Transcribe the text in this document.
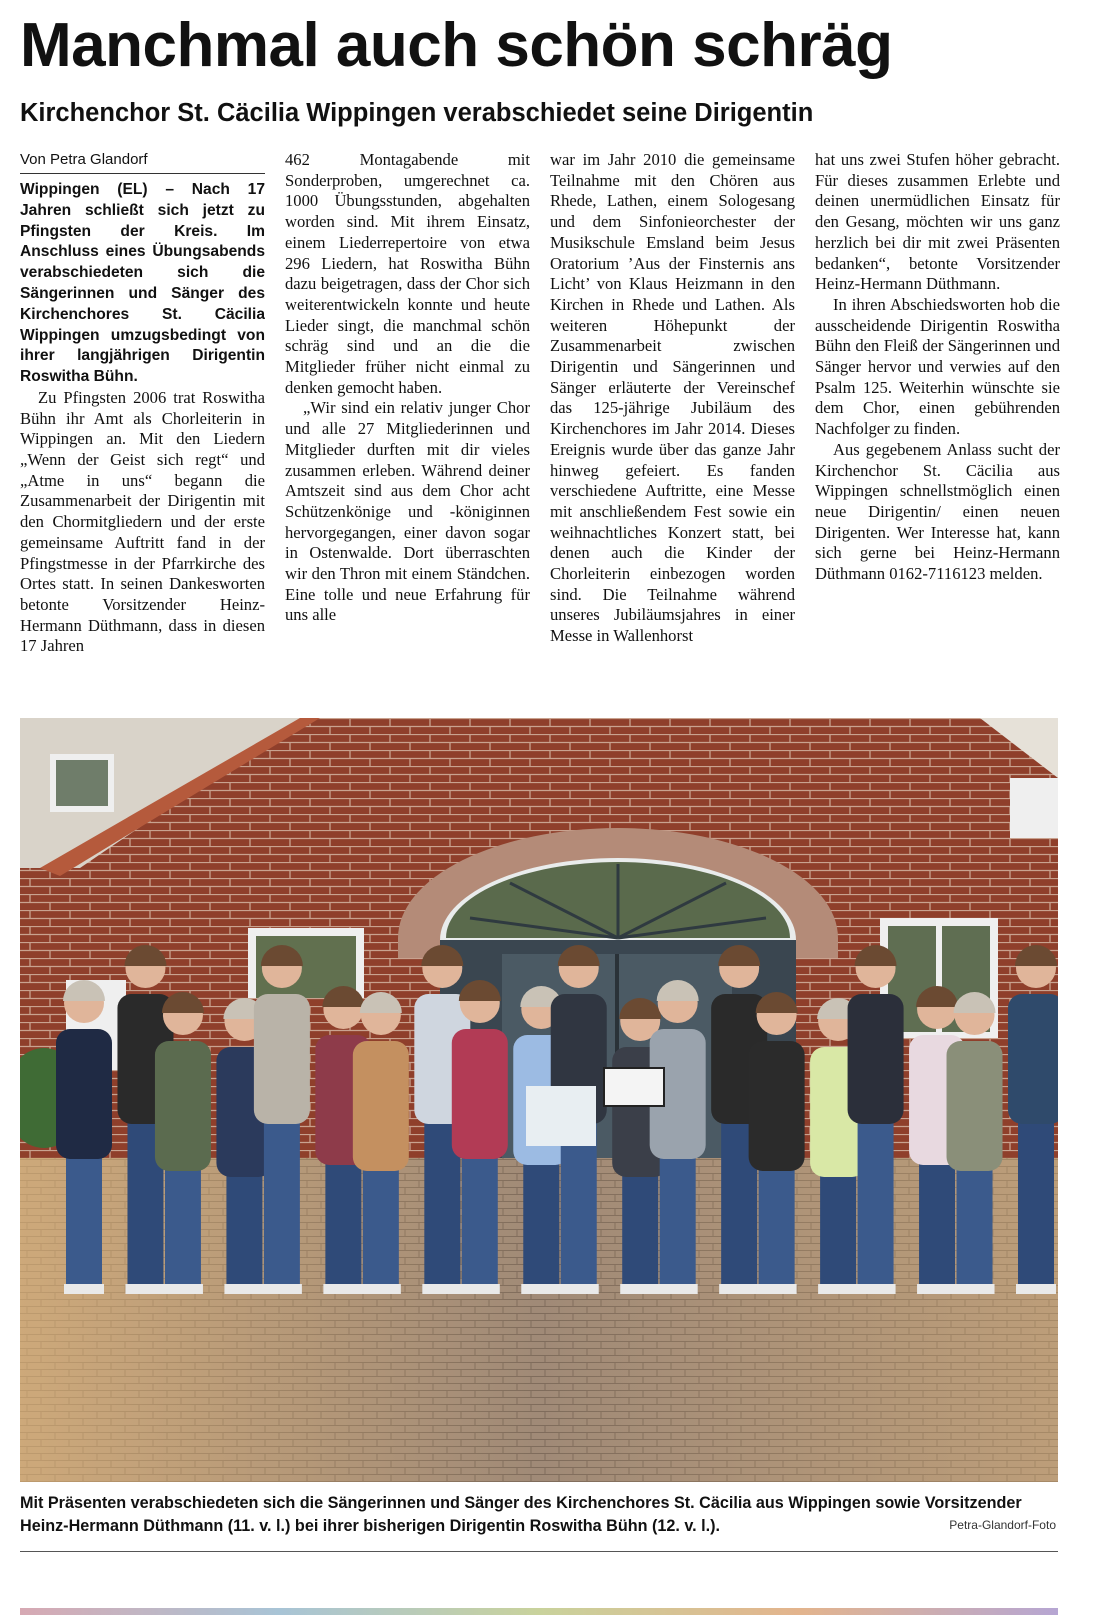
Manchmal auch schön schräg
Kirchenchor St. Cäcilia Wippingen verabschiedet seine Dirigentin
Von Petra Glandorf

Wippingen (EL) – Nach 17 Jahren schließt sich jetzt zu Pfingsten der Kreis. Im Anschluss eines Übungsabends verabschiedeten sich die Sängerinnen und Sänger des Kirchenchores St. Cäcilia Wippingen umzugsbedingt von ihrer langjährigen Dirigentin Roswitha Bühn.

Zu Pfingsten 2006 trat Roswitha Bühn ihr Amt als Chorleiterin in Wippingen an. Mit den Liedern „Wenn der Geist sich regt“ und „Atme in uns“ begann die Zusammenarbeit der Dirigentin mit den Chormitgliedern und der erste gemeinsame Auftritt fand in der Pfingstmesse in der Pfarrkirche des Ortes statt. In seinen Dankesworten betonte Vorsitzender Heinz-Hermann Düthmann, dass in diesen 17 Jahren

462 Montagabende mit Sonderproben, umgerechnet ca. 1000 Übungsstunden, abgehalten worden sind. Mit ihrem Einsatz, einem Liederrepertoire von etwa 296 Liedern, hat Roswitha Bühn dazu beigetragen, dass der Chor sich weiterentwickeln konnte und heute Lieder singt, die manchmal schön schräg sind und an die die Mitglieder früher nicht einmal zu denken gemocht haben.

„Wir sind ein relativ junger Chor und alle 27 Mitgliederinnen und Mitglieder durften mit dir vieles zusammen erleben. Während deiner Amtszeit sind aus dem Chor acht Schützenkönige und -königinnen hervorgegangen, einer davon sogar in Ostenwalde. Dort überraschten wir den Thron mit einem Ständchen. Eine tolle und neue Erfahrung für uns alle

war im Jahr 2010 die gemeinsame Teilnahme mit den Chören aus Rhede, Lathen, einem Sologesang und dem Sinfonieorchester der Musikschule Emsland beim Jesus Oratorium ’Aus der Finsternis ans Licht’ von Klaus Heizmann in den Kirchen in Rhede und Lathen. Als weiteren Höhepunkt der Zusammenarbeit zwischen Dirigentin und Sängerinnen und Sänger erläuterte der Vereinschef das 125-jährige Jubiläum des Kirchenchores im Jahr 2014. Dieses Ereignis wurde über das ganze Jahr hinweg gefeiert. Es fanden verschiedene Auftritte, eine Messe mit anschließendem Fest sowie ein weihnachtliches Konzert statt, bei denen auch die Kinder der Chorleiterin einbezogen worden sind. Die Teilnahme während unseres Jubiläumsjahres in einer Messe in Wallenhorst

hat uns zwei Stufen höher gebracht. Für dieses zusammen Erlebte und deinen unermüdlichen Einsatz für den Gesang, möchten wir uns ganz herzlich bei dir mit zwei Präsenten bedanken“, betonte Vorsitzender Heinz-Hermann Düthmann.

In ihren Abschiedsworten hob die ausscheidende Dirigentin Roswitha Bühn den Fleiß der Sängerinnen und Sänger hervor und verwies auf den Psalm 125. Weiterhin wünschte sie dem Chor, einen gebührenden Nachfolger zu finden.

Aus gegebenem Anlass sucht der Kirchenchor St. Cäcilia aus Wippingen schnellstmöglich einen neue Dirigentin/ einen neuen Dirigenten. Wer Interesse hat, kann sich gerne bei Heinz-Hermann Düthmann 0162-7116123 melden.

Mit Präsenten verabschiedeten sich die Sängerinnen und Sänger des Kirchenchores St. Cäcilia aus Wippingen sowie Vorsitzender Heinz-Hermann Düthmann (11. v. l.) bei ihrer bisherigen Dirigentin Roswitha Bühn (12. v. l.).	Petra-Glandorf-Foto
